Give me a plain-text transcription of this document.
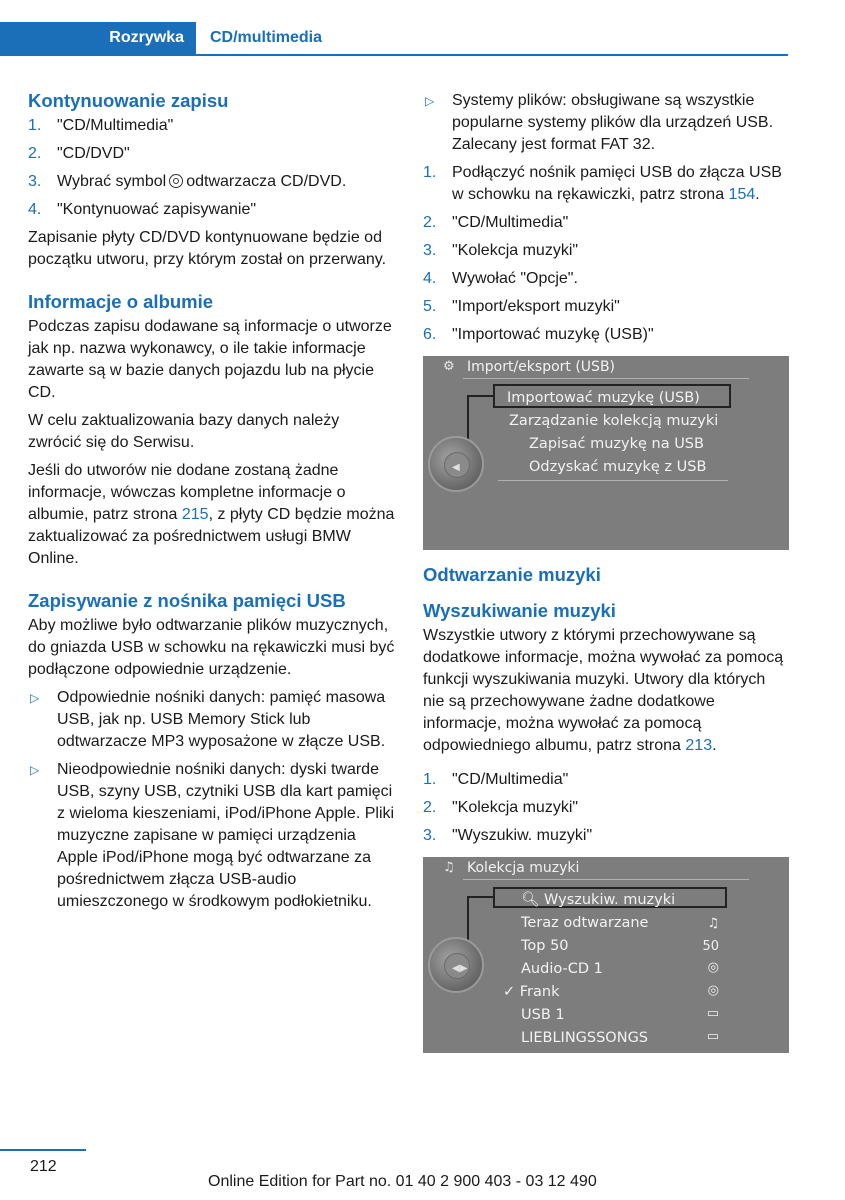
Rozrywka	CD/multimedia
Kontynuowanie zapisu
1. "CD/Multimedia"
2. "CD/DVD"
3. Wybrać symbol odtwarzacza CD/DVD.
4. "Kontynuować zapisywanie"

Zapisanie płyty CD/DVD kontynuowane będzie od początku utworu, przy którym został on przerwany.

Informacje o albumie

Podczas zapisu dodawane są informacje o utworze jak np. nazwa wykonawcy, o ile takie informacje zawarte są w bazie danych pojazdu lub na płycie CD.

W celu zaktualizowania bazy danych należy zwrócić się do Serwisu.

Jeśli do utworów nie dodane zostaną żadne informacje, wówczas kompletne informacje o albumie, patrz strona 215, z płyty CD będzie można zaktualizować za pośrednictwem usługi BMW Online.

Zapisywanie z nośnika pamięci USB

Aby możliwe było odtwarzanie plików muzycznych, do gniazda USB w schowku na rękawiczki musi być podłączone odpowiednie urządzenie.

▷ Odpowiednie nośniki danych: pamięć masowa USB, jak np. USB Memory Stick lub odtwarzacze MP3 wyposażone w złącze USB.
▷ Nieodpowiednie nośniki danych: dyski twarde USB, szyny USB, czytniki USB dla kart pamięci z wieloma kieszeniami, iPod/iPhone Apple. Pliki muzyczne zapisane w pamięci urządzenia Apple iPod/iPhone mogą być odtwarzane za pośrednictwem złącza USB-audio umieszczonego w środkowym podłokietniku.
▷ Systemy plików: obsługiwane są wszystkie popularne systemy plików dla urządzeń USB. Zalecany jest format FAT 32.
1. Podłączyć nośnik pamięci USB do złącza USB w schowku na rękawiczki, patrz strona 154.
2. "CD/Multimedia"
3. "Kolekcja muzyki"
4. Wywołać "Opcje".
5. "Import/eksport muzyki"
6. "Importować muzykę (USB)"
⚙ Import/eksport (USB)
Importować muzykę (USB)
Zarządzanie kolekcją muzyki
Zapisać muzykę na USB
Odzyskać muzykę z USB
◀
Odtwarzanie muzyki
Wyszukiwanie muzyki

Wszystkie utwory z którymi przechowywane są dodatkowe informacje, można wywołać za pomocą funkcji wyszukiwania muzyki. Utwory dla których nie są przechowywane żadne dodatkowe informacje, można wywołać za pomocą odpowiedniego albumu, patrz strona 213.

1. "CD/Multimedia"
2. "Kolekcja muzyki"
3. "Wyszukiw. muzyki"
♫ Kolekcja muzyki
🔍︎ Wyszukiw. muzyki
Teraz odtwarzane	♫
Top 50	50
Audio-CD 1	◎
✓ Frank	◎
USB 1	▭
LIEBLINGSSONGS	▭
◀▶
212
Online Edition for Part no. 01 40 2 900 403 - 03 12 490
